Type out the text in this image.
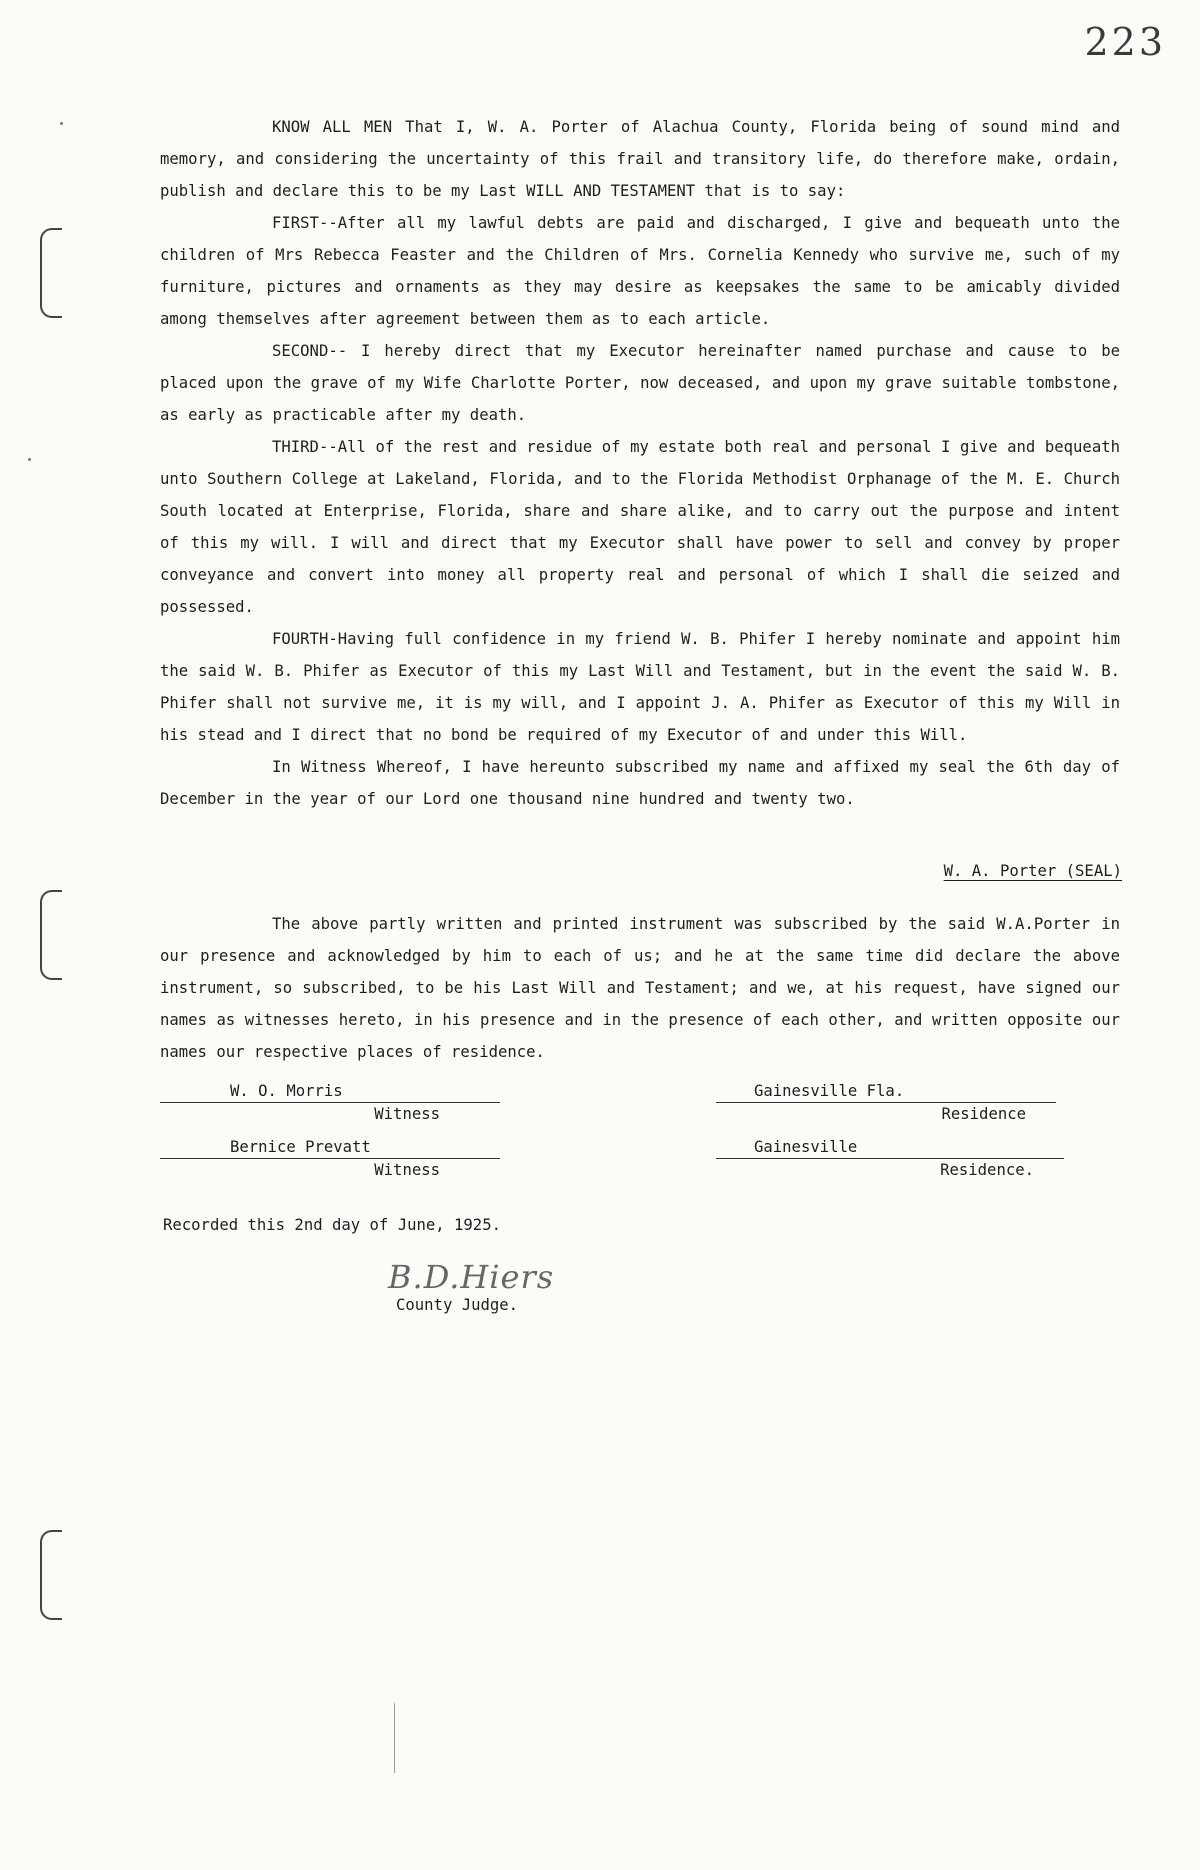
223

KNOW ALL MEN That I, W. A. Porter of Alachua County, Florida being of sound mind and memory, and considering the uncertainty of this frail and transitory life, do therefore make, ordain, publish and declare this to be my Last WILL AND TESTAMENT that is to say:

FIRST--After all my lawful debts are paid and discharged, I give and bequeath unto the children of Mrs Rebecca Feaster and the Children of Mrs. Cornelia Kennedy who survive me, such of my furniture, pictures and ornaments as they may desire as keepsakes the same to be amicably divided among themselves after agreement between them as to each article.

SECOND-- I hereby direct that my Executor hereinafter named purchase and cause to be placed upon the grave of my Wife Charlotte Porter, now deceased, and upon my grave suitable tombstone, as early as practicable after my death.

THIRD--All of the rest and residue of my estate both real and personal I give and bequeath unto Southern College at Lakeland, Florida, and to the Florida Methodist Orphanage of the M. E. Church South located at Enterprise, Florida, share and share alike, and to carry out the purpose and intent of this my will. I will and direct that my Executor shall have power to sell and convey by proper conveyance and convert into money all property real and personal of which I shall die seized and possessed.

FOURTH-Having full confidence in my friend W. B. Phifer I hereby nominate and appoint him the said W. B. Phifer as Executor of this my Last Will and Testament, but in the event the said W. B. Phifer shall not survive me, it is my will, and I appoint J. A. Phifer as Executor of this my Will in his stead and I direct that no bond be required of my Executor of and under this Will.

In Witness Whereof, I have hereunto subscribed my name and affixed my seal the 6th day of December in the year of our Lord one thousand nine hundred and twenty two.

W. A. Porter (SEAL)

The above partly written and printed instrument was subscribed by the said W.A.Porter in our presence and acknowledged by him to each of us; and he at the same time did declare the above instrument, so subscribed, to be his Last Will and Testament; and we, at his request, have signed our names as witnesses hereto, in his presence and in the presence of each other, and written opposite our names our respective places of residence.

W. O. Morris
Witness
Gainesville Fla.
Residence
Bernice Prevatt
Witness
Gainesville
Residence.
Recorded this 2nd day of June, 1925.
B.D.Hiers
County Judge.
